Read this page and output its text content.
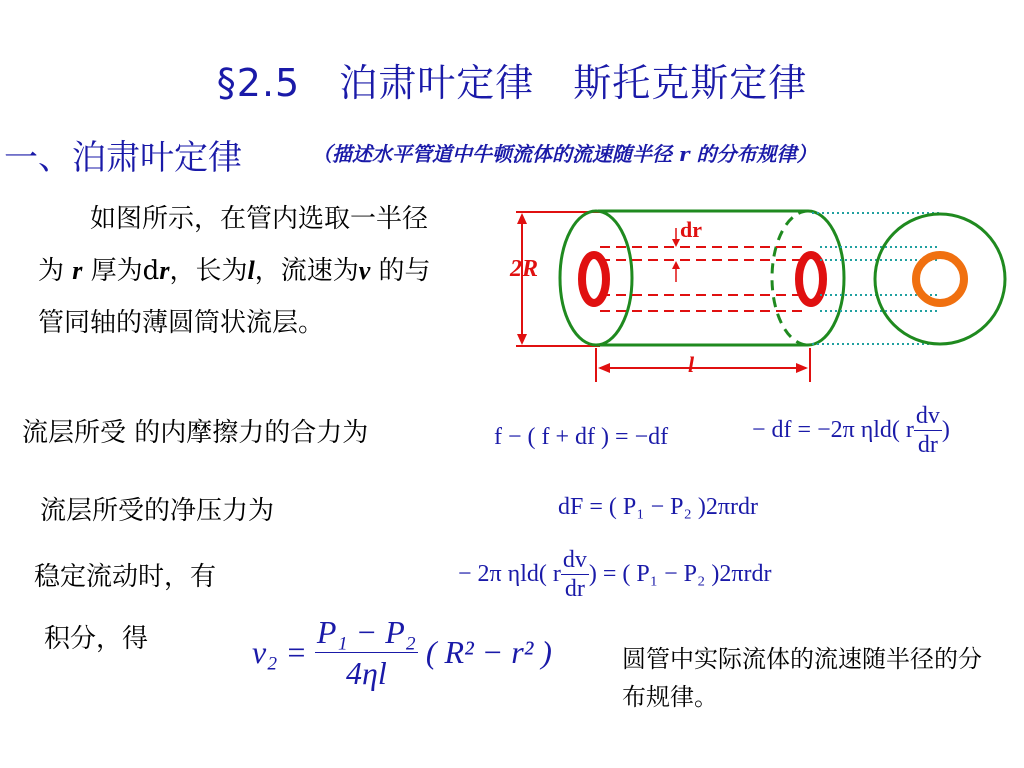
§2.5　泊肃叶定律　斯托克斯定律
一、泊肃叶定律	（描述水平管道中牛顿流体的流速随半径 r 的分布规律）
如图所示，在管内选取一半径为 r 厚为dr，长为l，流速为v 的与管同轴的薄圆筒状流层。
dr
2R
l
流层所受 的内摩擦力的合力为	f − ( f + df ) = −df	− df = −2π ηld( r $\frac{dv}{dr}$ )
流层所受的净压力为	dF = ( P₁ − P₂ )2πrdr
稳定流动时，有	− 2π ηld( r $\frac{dv}{dr}$ ) = ( P₁ − P₂ )2πrdr
积分，得	$v_2 = \frac{\text{P₁ − P₂}}{4\eta l}$ ( R² − r² )	圆管中实际流体的流速随半径的分布规律。
